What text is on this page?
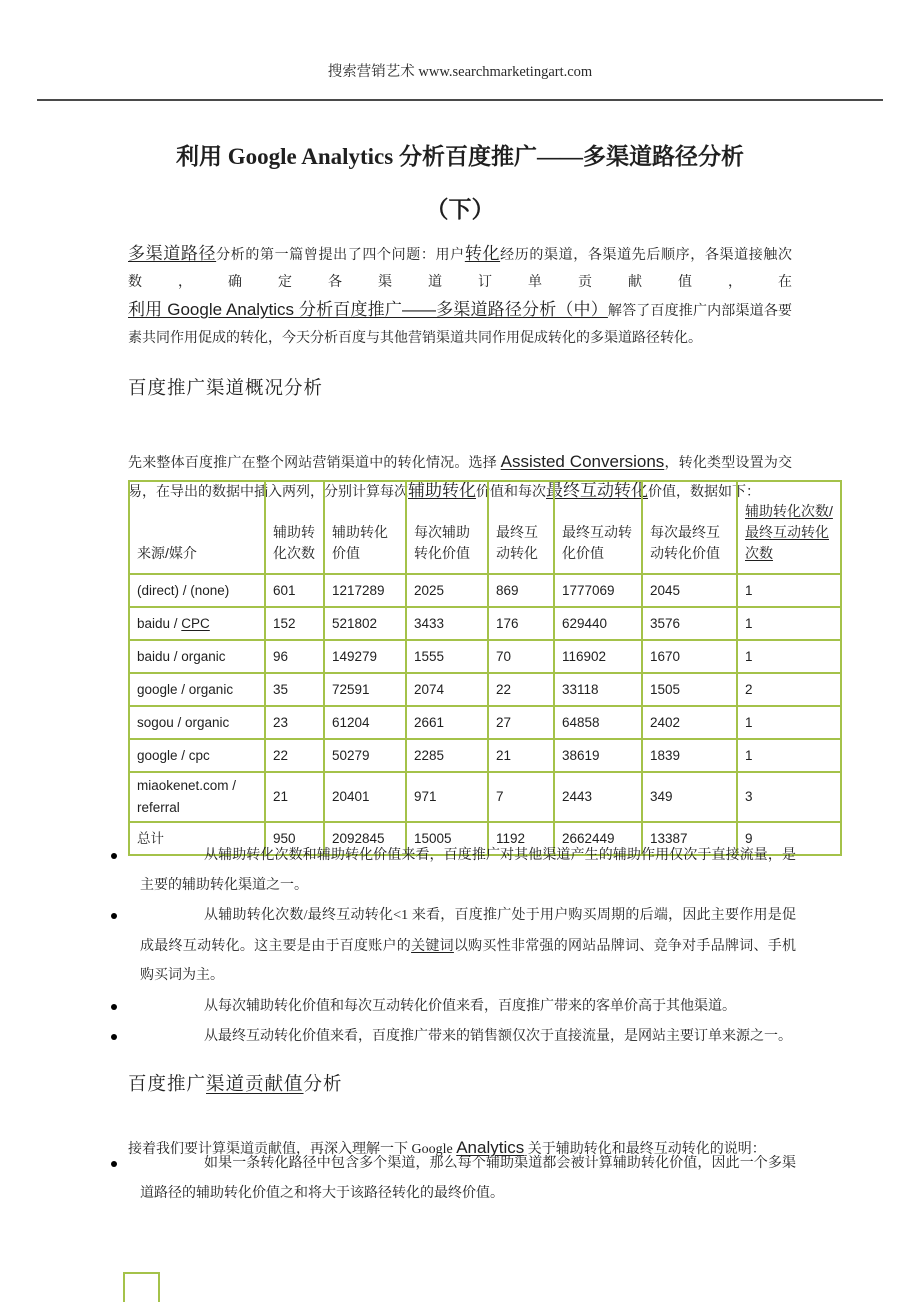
搜索营销艺术 www.searchmarketingart.com
利用 Google Analytics 分析百度推广——多渠道路径分析
（下）

多渠道路径分析的第一篇曾提出了四个问题：用户转化经历的渠道，各渠道先后顺序，各渠道接触次数，确定各渠道订单贡献值，在利用 Google Analytics 分析百度推广——多渠道路径分析（中）解答了百度推广内部渠道各要素共同作用促成的转化，今天分析百度与其他营销渠道共同作用促成转化的多渠道路径转化。

百度推广渠道概况分析

先来整体百度推广在整个网站营销渠道中的转化情况。选择 Assisted Conversions，转化类型设置为交易，在导出的数据中插入两列，分别计算每次辅助转化价值和每次最终互动转化价值，数据如下：

来源/媒介	辅助转化次数	辅助转化价值	每次辅助转化价值	最终互动转化	最终互动转化价值	每次最终互动转化价值	辅助转化次数/最终互动转化次数
(direct) / (none)	601	1217289	2025	869	1777069	2045	1
baidu / CPC	152	521802	3433	176	629440	3576	1
baidu / organic	96	149279	1555	70	116902	1670	1
google / organic	35	72591	2074	22	33118	1505	2
sogou / organic	23	61204	2661	27	64858	2402	1
google / cpc	22	50279	2285	21	38619	1839	1
miaokenet.com / referral	21	20401	971	7	2443	349	3
总计	950	2092845	15005	1192	2662449	13387	9
从辅助转化次数和辅助转化价值来看，百度推广对其他渠道产生的辅助作用仅次于直接流量，是主要的辅助转化渠道之一。
从辅助转化次数/最终互动转化<1 来看，百度推广处于用户购买周期的后端，因此主要作用是促成最终互动转化。这主要是由于百度账户的关键词以购买性非常强的网站品牌词、竞争对手品牌词、手机购买词为主。
从每次辅助转化价值和每次互动转化价值来看，百度推广带来的客单价高于其他渠道。
从最终互动转化价值来看，百度推广带来的销售额仅次于直接流量，是网站主要订单来源之一。
百度推广渠道贡献值分析

接着我们要计算渠道贡献值，再深入理解一下 Google Analytics 关于辅助转化和最终互动转化的说明：

如果一条转化路径中包含多个渠道，那么每个辅助渠道都会被计算辅助转化价值，因此一个多渠道路径的辅助转化价值之和将大于该路径转化的最终价值。
